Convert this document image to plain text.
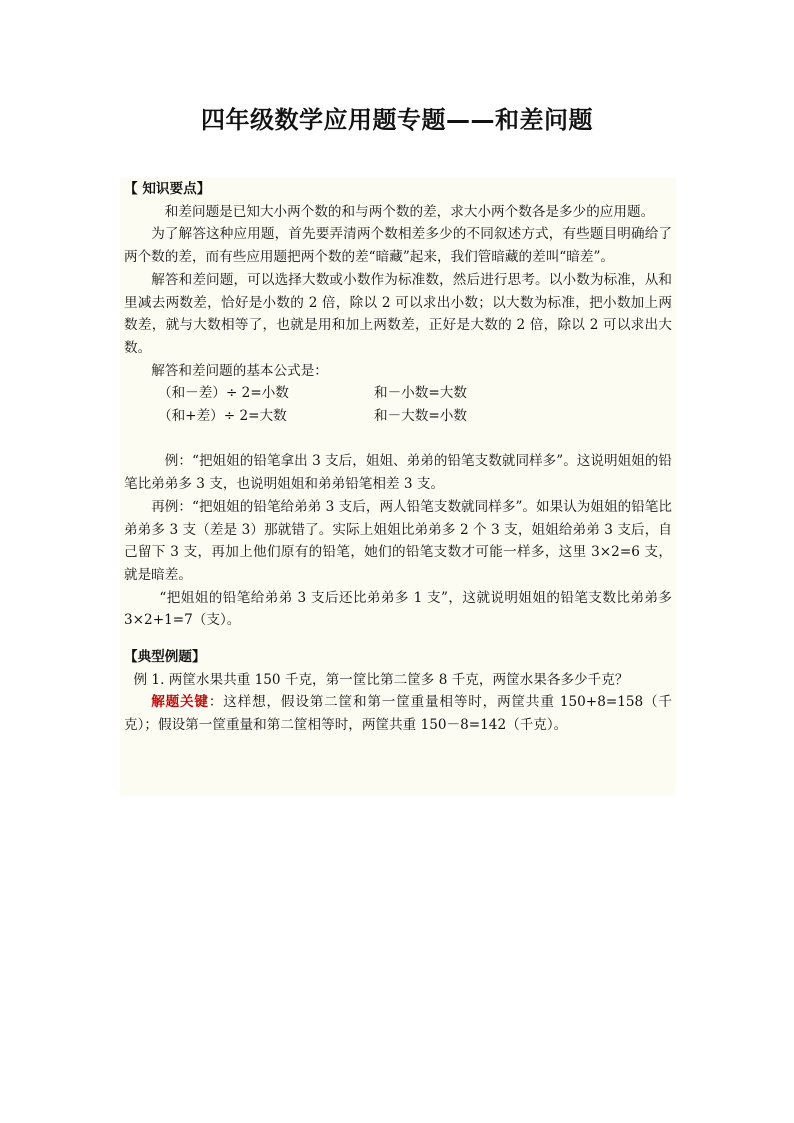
四年级数学应用题专题——和差问题
【 知识要点】

和差问题是已知大小两个数的和与两个数的差，求大小两个数各是多少的应用题。

为了解答这种应用题，首先要弄清两个数相差多少的不同叙述方式，有些题目明确给了两个数的差，而有些应用题把两个数的差“暗藏”起来，我们管暗藏的差叫“暗差”。

解答和差问题，可以选择大数或小数作为标准数，然后进行思考。以小数为标准，从和里减去两数差，恰好是小数的 2 倍，除以 2 可以求出小数；以大数为标准，把小数加上两数差，就与大数相等了，也就是用和加上两数差，正好是大数的 2 倍，除以 2 可以求出大数。

解答和差问题的基本公式是：

（和－差）÷ 2=小数	和－小数=大数
（和+差）÷ 2=大数	和－大数=小数

例：“把姐姐的铅笔拿出 3 支后，姐姐、弟弟的铅笔支数就同样多”。这说明姐姐的铅笔比弟弟多 3 支，也说明姐姐和弟弟铅笔相差 3 支。

再例：“把姐姐的铅笔给弟弟 3 支后，两人铅笔支数就同样多”。如果认为姐姐的铅笔比弟弟多 3 支（差是 3）那就错了。实际上姐姐比弟弟多 2 个 3 支，姐姐给弟弟 3 支后，自己留下 3 支，再加上他们原有的铅笔，她们的铅笔支数才可能一样多，这里 3×2=6 支，就是暗差。

“把姐姐的铅笔给弟弟 3 支后还比弟弟多 1 支”，这就说明姐姐的铅笔支数比弟弟多 3×2+1=7（支）。

【典型例题】

例 1. 两筐水果共重 150 千克，第一筐比第二筐多 8 千克，两筐水果各多少千克？

解题关键：这样想，假设第二筐和第一筐重量相等时，两筐共重 150+8=158（千克）；假设第一筐重量和第二筐相等时，两筐共重 150－8=142（千克）。
